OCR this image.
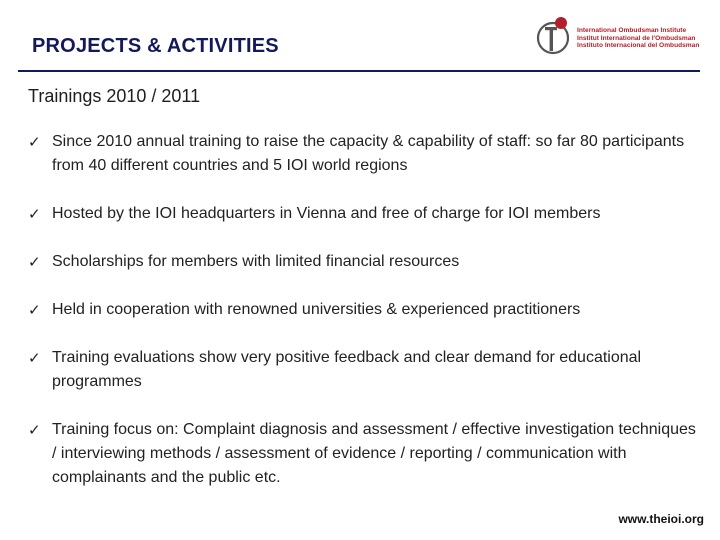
PROJECTS & ACTIVITIES
International Ombudsman Institute
Institut International de l'Ombudsman
Instituto Internacional del Ombudsman
Trainings 2010 / 2011
✓ Since 2010 annual training to raise the capacity & capability of staff: so far 80 participants from 40 different countries and 5 IOI world regions
✓ Hosted by the IOI headquarters in Vienna and free of charge for IOI members
✓ Scholarships for members with limited financial resources
✓ Held in cooperation with renowned universities & experienced practitioners
✓ Training evaluations show very positive feedback and clear demand for educational programmes
✓ Training focus on: Complaint diagnosis and assessment / effective investigation techniques / interviewing methods / assessment of evidence / reporting / communication with complainants and the public etc.
www.theioi.org
